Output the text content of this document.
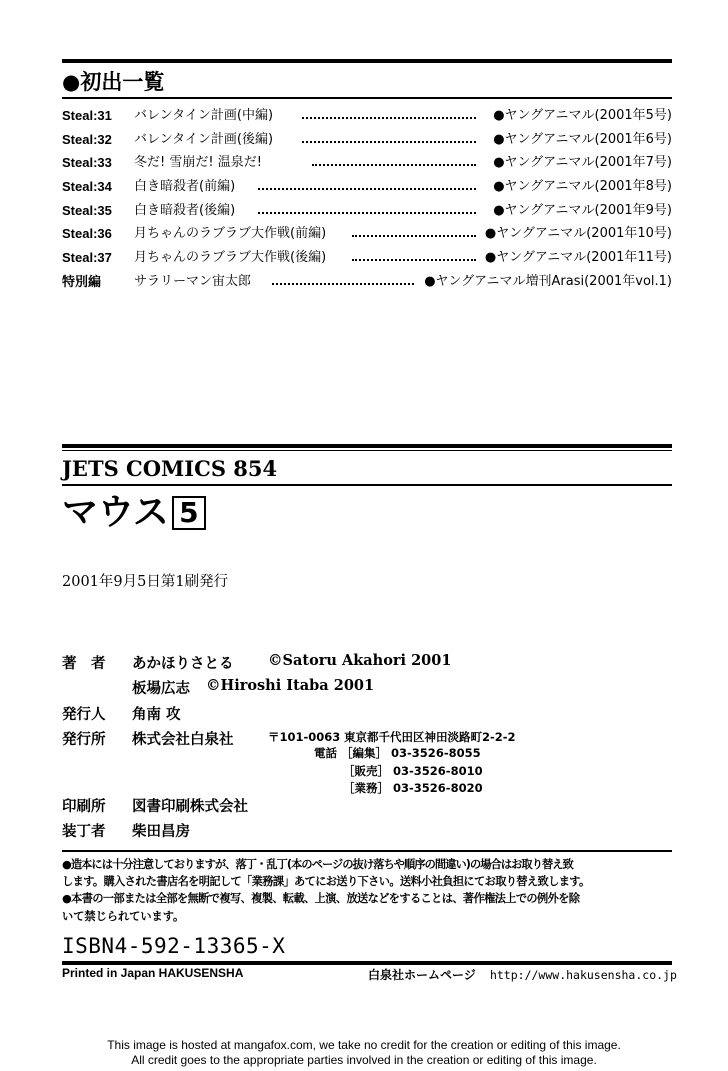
●初出一覧
Steal:31 バレンタイン計画(中編)	●ヤングアニマル(2001年5号)
Steal:32 バレンタイン計画(後編)	●ヤングアニマル(2001年6号)
Steal:33 冬だ! 雪崩だ! 温泉だ!	●ヤングアニマル(2001年7号)
Steal:34 白き暗殺者(前編)	●ヤングアニマル(2001年8号)
Steal:35 白き暗殺者(後編)	●ヤングアニマル(2001年9号)
Steal:36 月ちゃんのラブラブ大作戦(前編)	●ヤングアニマル(2001年10号)
Steal:37 月ちゃんのラブラブ大作戦(後編)	●ヤングアニマル(2001年11号)
特別編	サラリーマン宙太郎	●ヤングアニマル増刊Arasi(2001年vol.1)
JETS COMICS 854
マウス 5
2001年9月5日第1刷発行
著　者 あかほりさとる ©Satoru Akahori 2001
板場広志 ©Hiroshi Itaba 2001
発行人 角南 攻
発行所 株式会社白泉社	〒101-0063 東京都千代田区神田淡路町2-2-2
電話 ［編集］ 03-3526-8055
［販売］ 03-3526-8010
［業務］ 03-3526-8020
印刷所 図書印刷株式会社
装丁者 柴田昌房
●造本には十分注意しておりますが、落丁・乱丁(本のページの抜け落ちや順序の間違い)の場合はお取り替え致
します。購入された書店名を明記して「業務課」あてにお送り下さい。送料小社負担にてお取り替え致します。
●本書の一部または全部を無断で複写、複製、転載、上演、放送などをすることは、著作権法上での例外を除
いて禁じられています。
ISBN4-592-13365-X
Printed in Japan HAKUSENSHA	白泉社ホームページ http://www.hakusensha.co.jp
This image is hosted at mangafox.com, we take no credit for the creation or editing of this image.
All credit goes to the appropriate parties involved in the creation or editing of this image.
